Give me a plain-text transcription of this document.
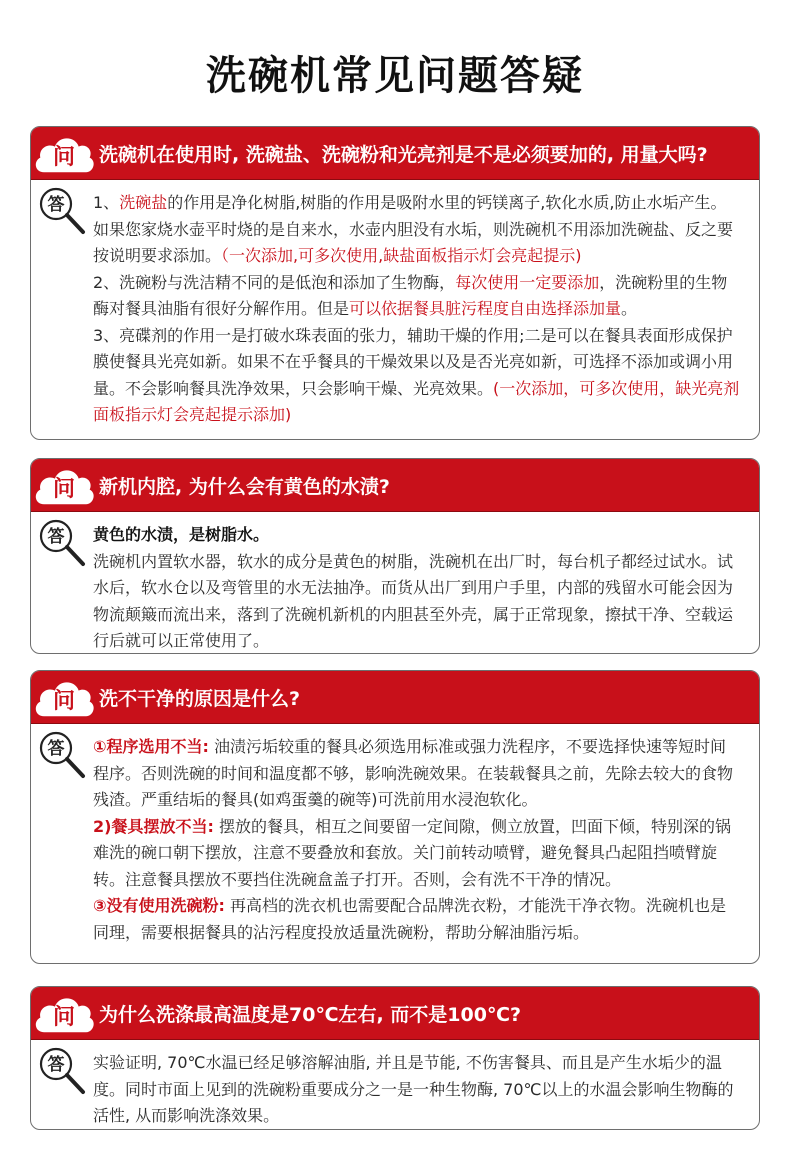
洗碗机常见问题答疑
问	洗碗机在使用时, 洗碗盐、洗碗粉和光亮剂是不是必须要加的, 用量大吗?
答	1、洗碗盐的作用是净化树脂,树脂的作用是吸附水里的钙镁离子,软化水质,防止水垢产生。如果您家烧水壶平时烧的是自来水，水壶内胆没有水垢，则洗碗机不用添加洗碗盐、反之要按说明要求添加。（一次添加,可多次使用,缺盐面板指示灯会亮起提示)

2、洗碗粉与洗洁精不同的是低泡和添加了生物酶，每次使用一定要添加，洗碗粉里的生物酶对餐具油脂有很好分解作用。但是可以依据餐具脏污程度自由选择添加量。

3、亮碟剂的作用一是打破水珠表面的张力，辅助干燥的作用;二是可以在餐具表面形成保护膜使餐具光亮如新。如果不在乎餐具的干燥效果以及是否光亮如新，可选择不添加或调小用量。不会影响餐具洗净效果，只会影响干燥、光亮效果。(一次添加，可多次使用，缺光亮剂面板指示灯会亮起提示添加)

问	新机内腔, 为什么会有黄色的水渍?
答	黄色的水渍，是树脂水。

洗碗机内置软水器，软水的成分是黄色的树脂，洗碗机在出厂时，每台机子都经过试水。试水后，软水仓以及弯管里的水无法抽净。而货从出厂到用户手里，内部的残留水可能会因为物流颠簸而流出来，落到了洗碗机新机的内胆甚至外壳，属于正常现象，擦拭干净、空载运行后就可以正常使用了。

问	洗不干净的原因是什么?
答	①程序选用不当: 油渍污垢较重的餐具必须选用标准或强力洗程序，不要选择快速等短时间程序。否则洗碗的时间和温度都不够，影响洗碗效果。在装载餐具之前，先除去较大的食物残渣。严重结垢的餐具(如鸡蛋羹的碗等)可洗前用水浸泡软化。

2)餐具摆放不当: 摆放的餐具，相互之间要留一定间隙，侧立放置，凹面下倾，特别深的锅难洗的碗口朝下摆放，注意不要叠放和套放。关门前转动喷臂，避免餐具凸起阻挡喷臂旋转。注意餐具摆放不要挡住洗碗盒盖子打开。否则，会有洗不干净的情况。

③没有使用洗碗粉: 再高档的洗衣机也需要配合品牌洗衣粉，才能洗干净衣物。洗碗机也是同理，需要根据餐具的沾污程度投放适量洗碗粉，帮助分解油脂污垢。

问	为什么洗涤最高温度是70℃左右, 而不是100℃?
答	实验证明, 70℃水温已经足够溶解油脂, 并且是节能, 不伤害餐具、而且是产生水垢少的温度。同时市面上见到的洗碗粉重要成分之一是一种生物酶, 70℃以上的水温会影响生物酶的活性, 从而影响洗涤效果。
